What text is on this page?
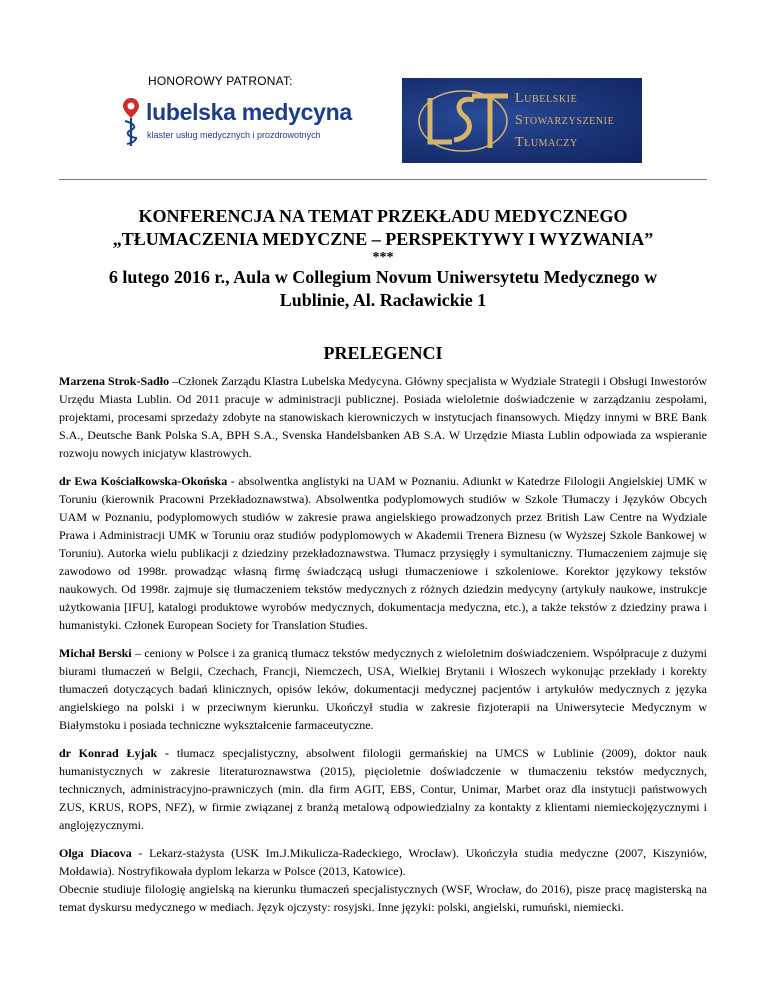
HONOROWY PATRONAT:
lubelska medycyna
klaster usług medycznych i prozdrowotnych
Lubelskie
Stowarzyszenie
Tłumaczy
KONFERENCJA NA TEMAT PRZEKŁADU MEDYCZNEGO
„TŁUMACZENIA MEDYCZNE – PERSPEKTYWY I WYZWANIA”
***
6 lutego 2016 r., Aula w Collegium Novum Uniwersytetu Medycznego w
Lublinie, Al. Racławickie 1
PRELEGENCI

Marzena Strok-Sadło –Członek Zarządu Klastra Lubelska Medycyna. Główny specjalista w Wydziale Strategii i Obsługi Inwestorów Urzędu Miasta Lublin. Od 2011 pracuje w administracji publicznej. Posiada wieloletnie doświadczenie w zarządzaniu zespołami, projektami, procesami sprzedaży zdobyte na stanowiskach kierowniczych w instytucjach finansowych. Między innymi w BRE Bank S.A., Deutsche Bank Polska S.A, BPH S.A., Svenska Handelsbanken AB S.A. W Urzędzie Miasta Lublin odpowiada za wspieranie rozwoju nowych inicjatyw klastrowych.

dr Ewa Kościałkowska-Okońska - absolwentka anglistyki na UAM w Poznaniu. Adiunkt w Katedrze Filologii Angielskiej UMK w Toruniu (kierownik Pracowni Przekładoznawstwa). Absolwentka podyplomowych studiów w Szkole Tłumaczy i Języków Obcych UAM w Poznaniu, podyplomowych studiów w zakresie prawa angielskiego prowadzonych przez British Law Centre na Wydziale Prawa i Administracji UMK w Toruniu oraz studiów podyplomowych w Akademii Trenera Biznesu (w Wyższej Szkole Bankowej w Toruniu). Autorka wielu publikacji z dziedziny przekładoznawstwa. Tłumacz przysięgły i symultaniczny. Tłumaczeniem zajmuje się zawodowo od 1998r. prowadząc własną firmę świadczącą usługi tłumaczeniowe i szkoleniowe. Korektor językowy tekstów naukowych. Od 1998r. zajmuje się tłumaczeniem tekstów medycznych z różnych dziedzin medycyny (artykuły naukowe, instrukcje użytkowania [IFU], katalogi produktowe wyrobów medycznych, dokumentacja medyczna, etc.), a także tekstów z dziedziny prawa i humanistyki. Członek European Society for Translation Studies.

Michał Berski – ceniony w Polsce i za granicą tłumacz tekstów medycznych z wieloletnim doświadczeniem. Współpracuje z dużymi biurami tłumaczeń w Belgii, Czechach, Francji, Niemczech, USA, Wielkiej Brytanii i Włoszech wykonując przekłady i korekty tłumaczeń dotyczących badań klinicznych, opisów leków, dokumentacji medycznej pacjentów i artykułów medycznych z języka angielskiego na polski i w przeciwnym kierunku. Ukończył studia w zakresie fizjoterapii na Uniwersytecie Medycznym w Białymstoku i posiada techniczne wykształcenie farmaceutyczne.

dr Konrad Łyjak - tłumacz specjalistyczny, absolwent filologii germańskiej na UMCS w Lublinie (2009), doktor nauk humanistycznych w zakresie literaturoznawstwa (2015), pięcioletnie doświadczenie w tłumaczeniu tekstów medycznych, technicznych, administracyjno-prawniczych (min. dla firm AGIT, EBS, Contur, Unimar, Marbet oraz dla instytucji państwowych ZUS, KRUS, ROPS, NFZ), w firmie związanej z branżą metalową odpowiedzialny za kontakty z klientami niemieckojęzycznymi i anglojęzycznymi.

Olga Diacova - Lekarz-stażysta (USK Im.J.Mikulicza-Radeckiego, Wrocław). Ukończyła studia medyczne (2007, Kiszyniów, Mołdawia). Nostryfikowała dyplom lekarza w Polsce (2013, Katowice).
Obecnie studiuje filologię angielską na kierunku tłumaczeń specjalistycznych (WSF, Wrocław, do 2016), pisze pracę magisterską na temat dyskursu medycznego w mediach. Język ojczysty: rosyjski. Inne języki: polski, angielski, rumuński, niemiecki.
